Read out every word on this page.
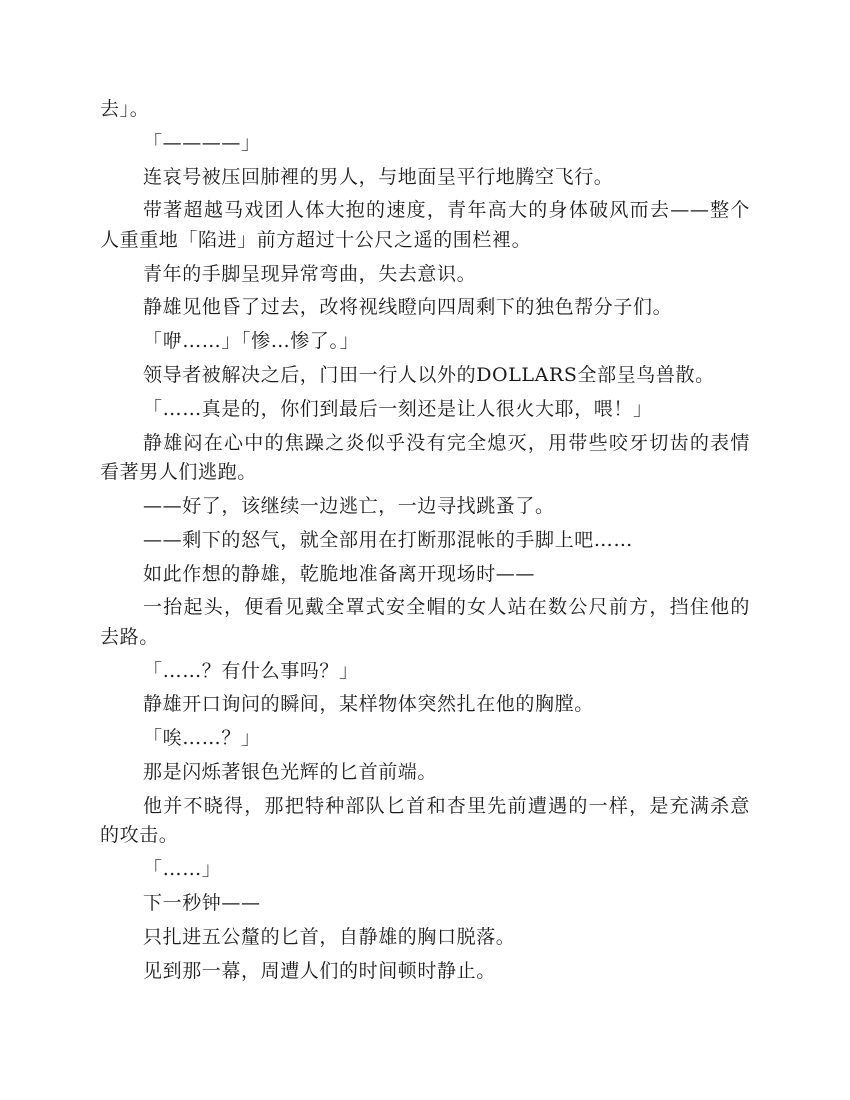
去」。

「————」

连哀号被压回肺裡的男人，与地面呈平行地腾空飞行。

带著超越马戏团人体大抱的速度，青年高大的身体破风而去——整个人重重地「陷进」前方超过十公尺之遥的围栏裡。

青年的手脚呈现异常弯曲，失去意识。

静雄见他昏了过去，改将视线瞪向四周剩下的独色帮分子们。

「咿……」「惨…惨了。」

领导者被解决之后，门田一行人以外的DOLLARS全部呈鸟兽散。

「……真是的，你们到最后一刻还是让人很火大耶，喂！」

静雄闷在心中的焦躁之炎似乎没有完全熄灭，用带些咬牙切齿的表情看著男人们逃跑。

——好了，该继续一边逃亡，一边寻找跳蚤了。

——剩下的怒气，就全部用在打断那混帐的手脚上吧……

如此作想的静雄，乾脆地准备离开现场时——

一抬起头，便看见戴全罩式安全帽的女人站在数公尺前方，挡住他的去路。

「……？有什么事吗？」

静雄开口询问的瞬间，某样物体突然扎在他的胸膛。

「唉……？」

那是闪烁著银色光辉的匕首前端。

他并不晓得，那把特种部队匕首和杏里先前遭遇的一样，是充满杀意的攻击。

「……」

下一秒钟——

只扎进五公釐的匕首，自静雄的胸口脱落。

见到那一幕，周遭人们的时间顿时静止。
